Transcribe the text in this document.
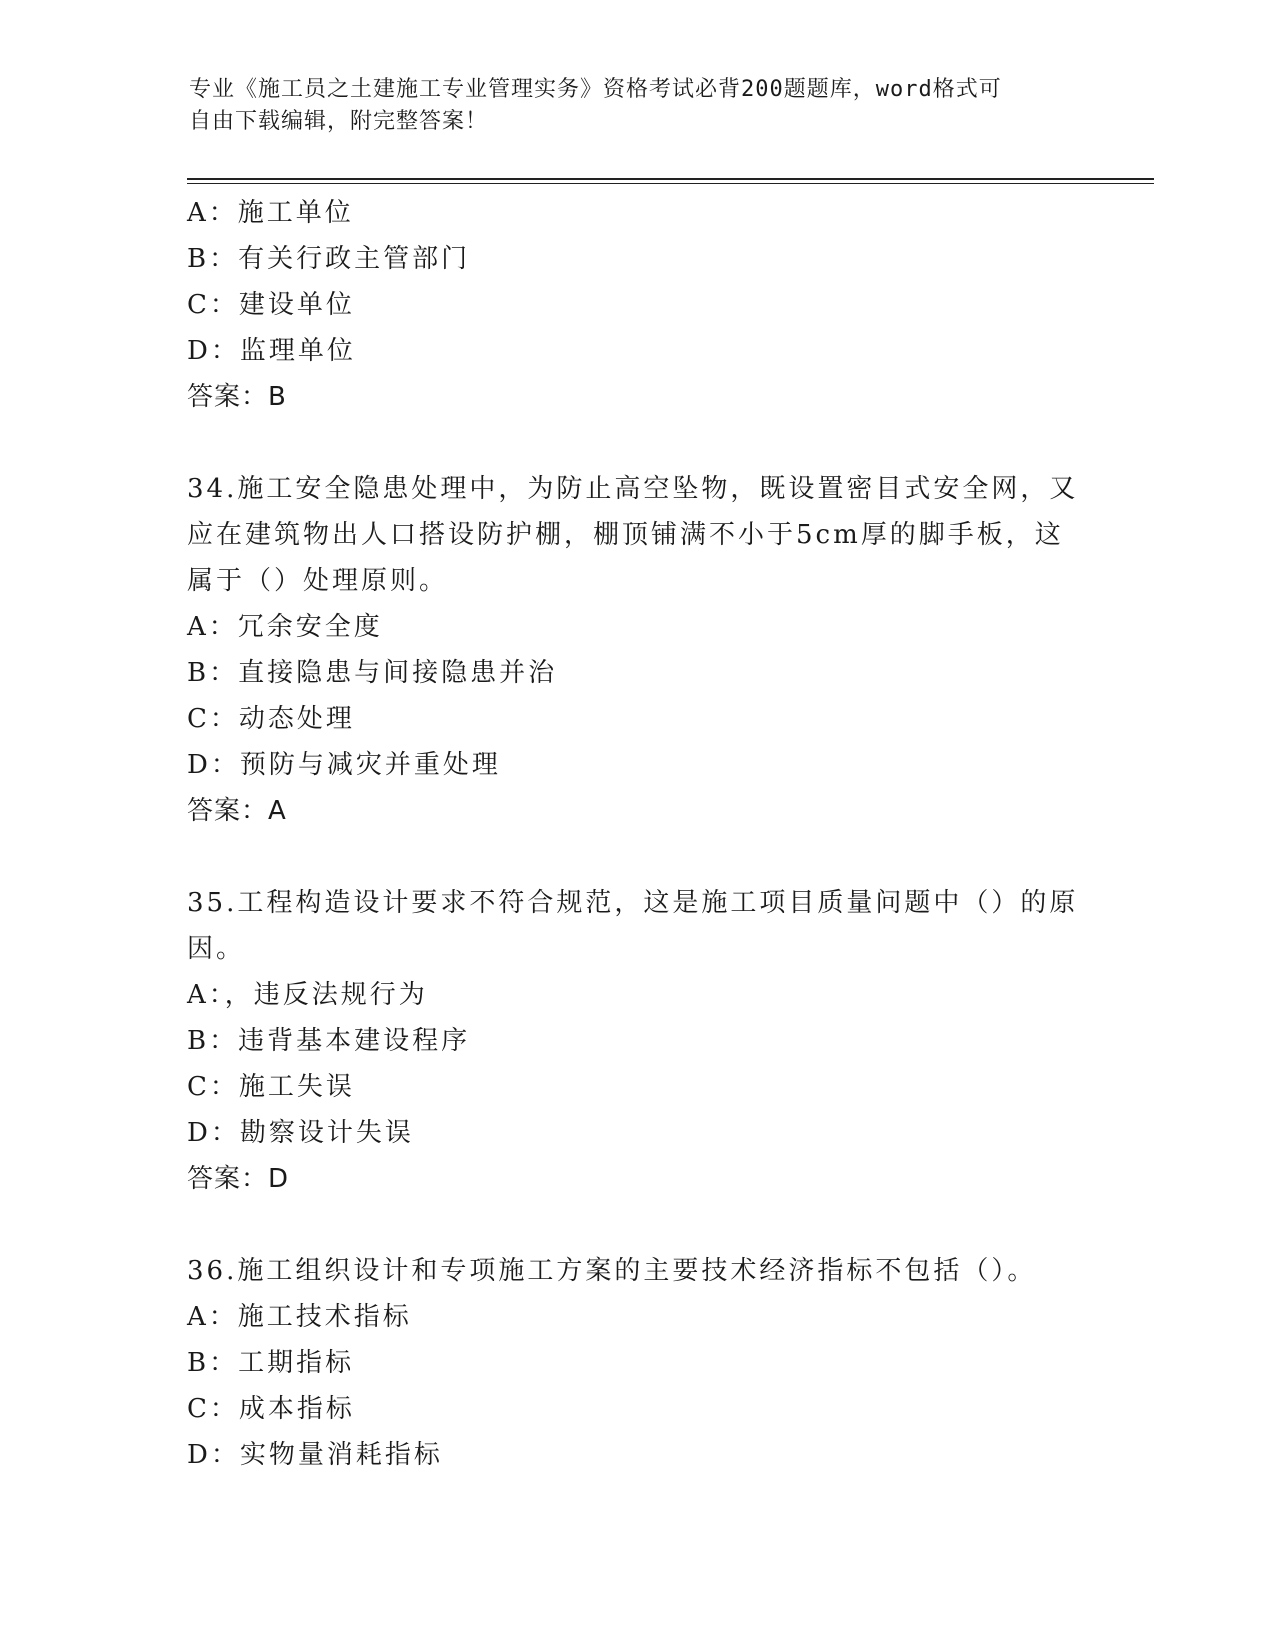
专业《施工员之土建施工专业管理实务》资格考试必背200题题库，word格式可
自由下载编辑，附完整答案！
A：施工单位
B：有关行政主管部门
C：建设单位
D：监理单位
答案：B
34.施工安全隐患处理中，为防止高空坠物，既设置密目式安全网，又
应在建筑物出人口搭设防护棚，棚顶铺满不小于5cm厚的脚手板，这
属于（）处理原则。
A：冗余安全度
B：直接隐患与间接隐患并治
C：动态处理
D：预防与减灾并重处理
答案：A
35.工程构造设计要求不符合规范，这是施工项目质量问题中（）的原
因。
A：，违反法规行为
B：违背基本建设程序
C：施工失误
D：勘察设计失误
答案：D
36.施工组织设计和专项施工方案的主要技术经济指标不包括（）。
A：施工技术指标
B：工期指标
C：成本指标
D：实物量消耗指标
